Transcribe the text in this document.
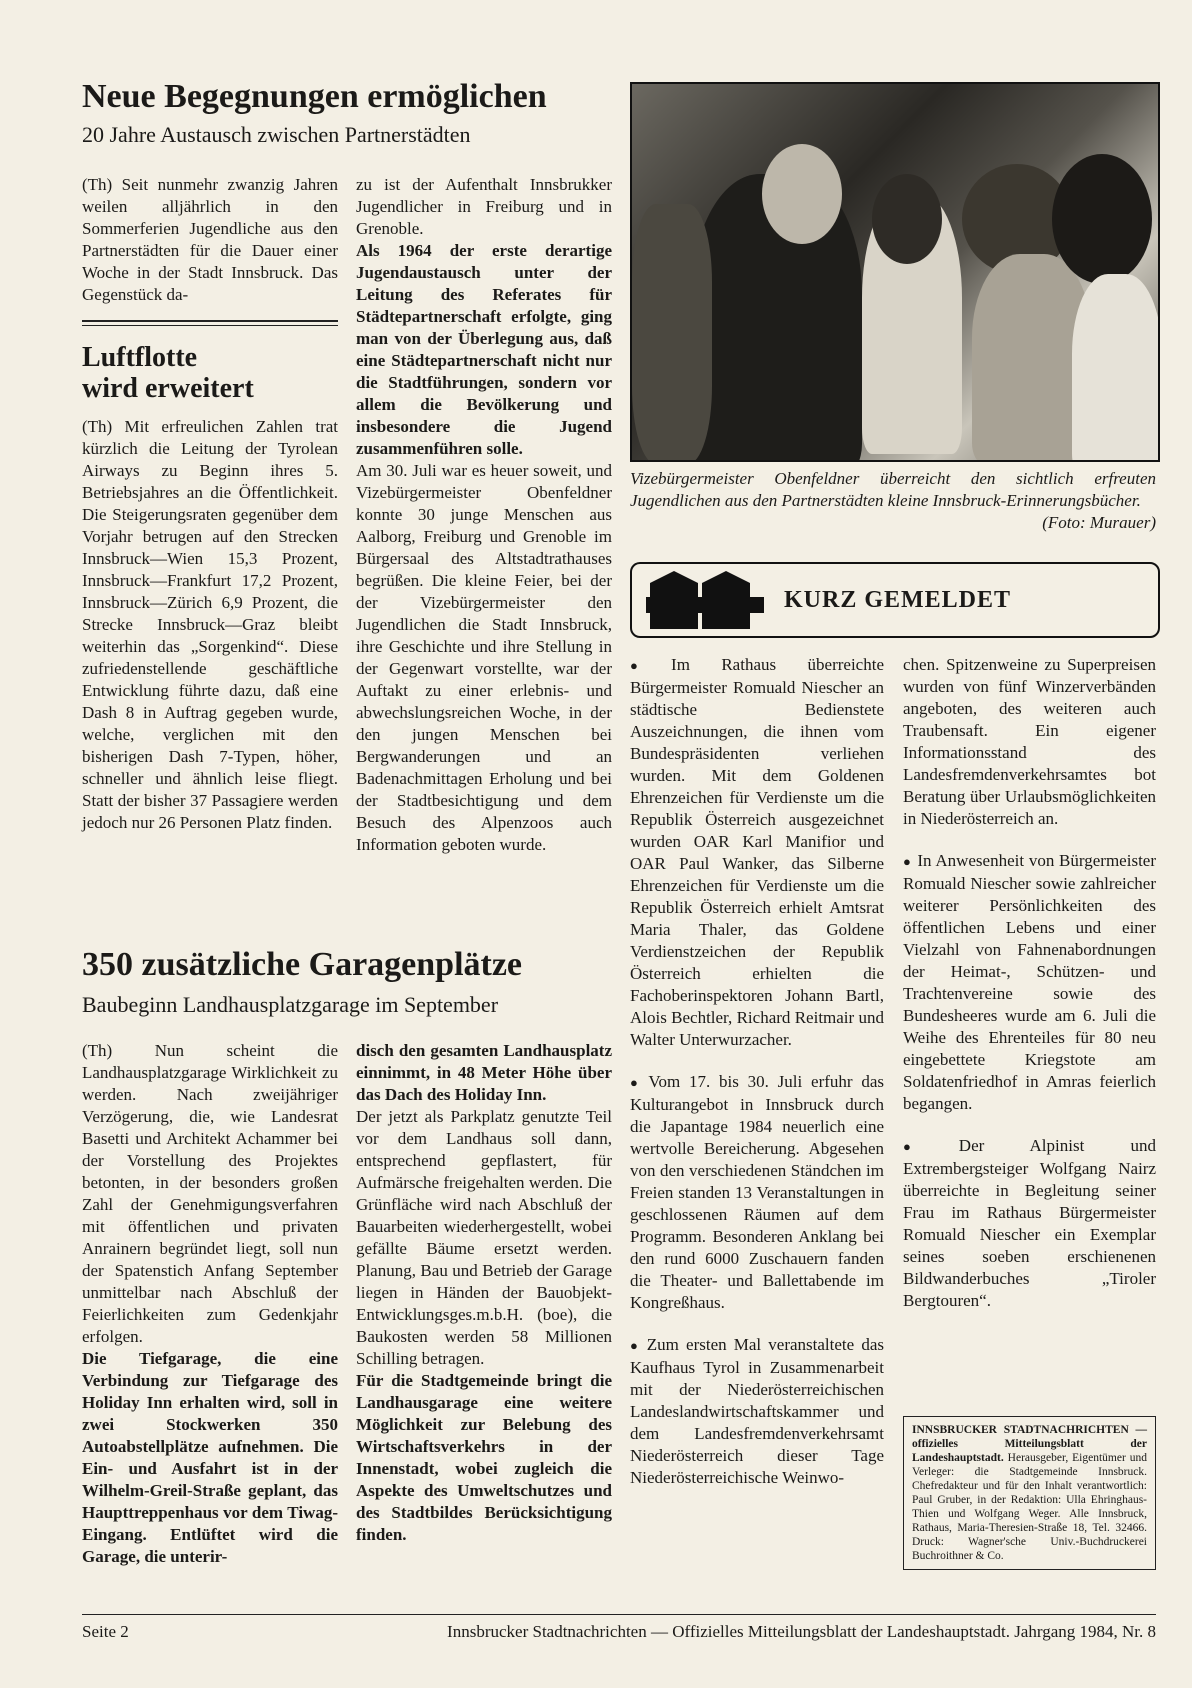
Neue Begegnungen ermöglichen

20 Jahre Austausch zwischen Partnerstädten

(Th) Seit nunmehr zwanzig Jahren weilen alljährlich in den Sommerferien Jugendliche aus den Partnerstädten für die Dauer einer Woche in der Stadt Innsbruck. Das Gegenstück da-

Luftflotte
wird erweitert

(Th) Mit erfreulichen Zahlen trat kürzlich die Leitung der Tyrolean Airways zu Beginn ihres 5. Betriebsjahres an die Öffentlichkeit. Die Steigerungsraten gegenüber dem Vorjahr betrugen auf den Strecken Innsbruck—Wien 15,3 Prozent, Innsbruck—Frankfurt 17,2 Prozent, Innsbruck—Zürich 6,9 Prozent, die Strecke Innsbruck—Graz bleibt weiterhin das „Sorgenkind“. Diese zufriedenstellende geschäftliche Entwicklung führte dazu, daß eine Dash 8 in Auftrag gegeben wurde, welche, verglichen mit den bisherigen Dash 7-Typen, höher, schneller und ähnlich leise fliegt. Statt der bisher 37 Passagiere werden jedoch nur 26 Personen Platz finden.

zu ist der Aufenthalt Innsbrukker Jugendlicher in Freiburg und in Grenoble.

Als 1964 der erste derartige Jugendaustausch unter der Leitung des Referates für Städtepartnerschaft erfolgte, ging man von der Überlegung aus, daß eine Städtepartnerschaft nicht nur die Stadtführungen, sondern vor allem die Bevölkerung und insbesondere die Jugend zusammenführen solle.

Am 30. Juli war es heuer soweit, und Vizebürgermeister Obenfeldner konnte 30 junge Menschen aus Aalborg, Freiburg und Grenoble im Bürgersaal des Altstadtrathauses begrüßen. Die kleine Feier, bei der der Vizebürgermeister den Jugendlichen die Stadt Innsbruck, ihre Geschichte und ihre Stellung in der Gegenwart vorstellte, war der Auftakt zu einer erlebnis- und abwechslungsreichen Woche, in der den jungen Menschen bei Bergwanderungen und an Badenachmittagen Erholung und bei der Stadtbesichtigung und dem Besuch des Alpenzoos auch Information geboten wurde.

Vizebürgermeister Obenfeldner überreicht den sichtlich erfreuten Jugendlichen aus den Partnerstädten kleine Innsbruck-Erinnerungsbücher.
(Foto: Murauer)
KURZ GEMELDET

● Im Rathaus überreichte Bürgermeister Romuald Niescher an städtische Bedienstete Auszeichnungen, die ihnen vom Bundespräsidenten verliehen wurden. Mit dem Goldenen Ehrenzeichen für Verdienste um die Republik Österreich ausgezeichnet wurden OAR Karl Manifior und OAR Paul Wanker, das Silberne Ehrenzeichen für Verdienste um die Republik Österreich erhielt Amtsrat Maria Thaler, das Goldene Verdienstzeichen der Republik Österreich erhielten die Fachoberinspektoren Johann Bartl, Alois Bechtler, Richard Reitmair und Walter Unterwurzacher.

● Vom 17. bis 30. Juli erfuhr das Kulturangebot in Innsbruck durch die Japantage 1984 neuerlich eine wertvolle Bereicherung. Abgesehen von den verschiedenen Ständchen im Freien standen 13 Veranstaltungen in geschlossenen Räumen auf dem Programm. Besonderen Anklang bei den rund 6000 Zuschauern fanden die Theater- und Ballettabende im Kongreßhaus.

● Zum ersten Mal veranstaltete das Kaufhaus Tyrol in Zusammenarbeit mit der Niederösterreichischen Landeslandwirtschaftskammer und dem Landesfremdenverkehrsamt Niederösterreich dieser Tage Niederösterreichische Weinwo-

chen. Spitzenweine zu Superpreisen wurden von fünf Winzerverbänden angeboten, des weiteren auch Traubensaft. Ein eigener Informationsstand des Landesfremdenverkehrsamtes bot Beratung über Urlaubsmöglichkeiten in Niederösterreich an.

● In Anwesenheit von Bürgermeister Romuald Niescher sowie zahlreicher weiterer Persönlichkeiten des öffentlichen Lebens und einer Vielzahl von Fahnenabordnungen der Heimat-, Schützen- und Trachtenvereine sowie des Bundesheeres wurde am 6. Juli die Weihe des Ehrenteiles für 80 neu eingebettete Kriegstote am Soldatenfriedhof in Amras feierlich begangen.

● Der Alpinist und Extrembergsteiger Wolfgang Nairz überreichte in Begleitung seiner Frau im Rathaus Bürgermeister Romuald Niescher ein Exemplar seines soeben erschienenen Bildwanderbuches „Tiroler Bergtouren“.

INNSBRUCKER STADTNACHRICHTEN — offizielles Mitteilungsblatt der Landeshauptstadt. Herausgeber, Eigentümer und Verleger: die Stadtgemeinde Innsbruck. Chefredakteur und für den Inhalt verantwortlich: Paul Gruber, in der Redaktion: Ulla Ehringhaus-Thien und Wolfgang Weger. Alle Innsbruck, Rathaus, Maria-Theresien-Straße 18, Tel. 32466. Druck: Wagner'sche Univ.-Buchdruckerei Buchroithner & Co.
350 zusätzliche Garagenplätze

Baubeginn Landhausplatzgarage im September

(Th) Nun scheint die Landhausplatzgarage Wirklichkeit zu werden. Nach zweijähriger Verzögerung, die, wie Landesrat Basetti und Architekt Achammer bei der Vorstellung des Projektes betonten, in der besonders großen Zahl der Genehmigungsverfahren mit öffentlichen und privaten Anrainern begründet liegt, soll nun der Spatenstich Anfang September unmittelbar nach Abschluß der Feierlichkeiten zum Gedenkjahr erfolgen.

Die Tiefgarage, die eine Verbindung zur Tiefgarage des Holiday Inn erhalten wird, soll in zwei Stockwerken 350 Autoabstellplätze aufnehmen. Die Ein- und Ausfahrt ist in der Wilhelm-Greil-Straße geplant, das Haupttreppenhaus vor dem Tiwag-Eingang. Entlüftet wird die Garage, die unterir-

disch den gesamten Landhausplatz einnimmt, in 48 Meter Höhe über das Dach des Holiday Inn.

Der jetzt als Parkplatz genutzte Teil vor dem Landhaus soll dann, entsprechend gepflastert, für Aufmärsche freigehalten werden. Die Grünfläche wird nach Abschluß der Bauarbeiten wiederhergestellt, wobei gefällte Bäume ersetzt werden. Planung, Bau und Betrieb der Garage liegen in Händen der Bauobjekt-Entwicklungsges.m.b.H. (boe), die Baukosten werden 58 Millionen Schilling betragen.

Für die Stadtgemeinde bringt die Landhausgarage eine weitere Möglichkeit zur Belebung des Wirtschaftsverkehrs in der Innenstadt, wobei zugleich die Aspekte des Umweltschutzes und des Stadtbildes Berücksichtigung finden.

Seite 2	Innsbrucker Stadtnachrichten — Offizielles Mitteilungsblatt der Landeshauptstadt. Jahrgang 1984, Nr. 8
